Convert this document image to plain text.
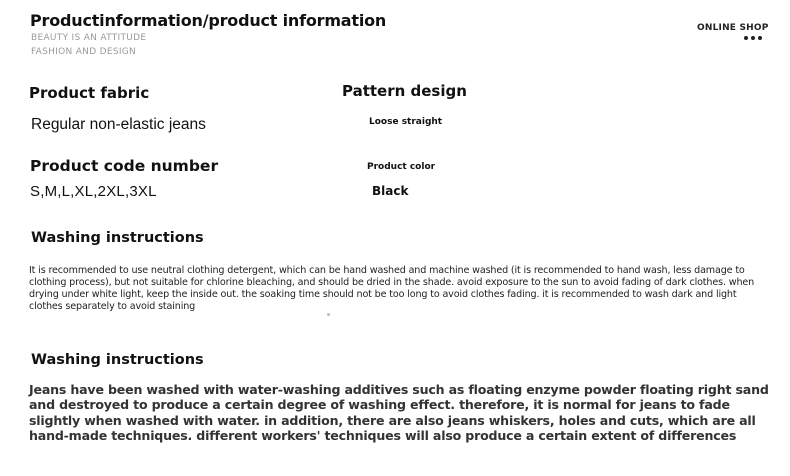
Productinformation/product information
BEAUTY IS AN ATTITUDE
FASHION AND DESIGN
ONLINE SHOP
Product fabric	Pattern design
Regular non-elastic jeans	Loose straight
Product code number	Product color
S,M,L,XL,2XL,3XL	Black
Washing instructions
It is recommended to use neutral clothing detergent, which can be hand washed and machine washed (it is recommended to hand wash, less damage to clothing process), but not suitable for chlorine bleaching, and should be dried in the shade. avoid exposure to the sun to avoid fading of dark clothes. when drying under white light, keep the inside out. the soaking time should not be too long to avoid clothes fading. it is recommended to wash dark and light clothes separately to avoid staining
Washing instructions
Jeans have been washed with water-washing additives such as floating enzyme powder floating right sand and destroyed to produce a certain degree of washing effect. therefore, it is normal for jeans to fade slightly when washed with water. in addition, there are also jeans whiskers, holes and cuts, which are all hand-made techniques. different workers' techniques will also produce a certain extent of differences
